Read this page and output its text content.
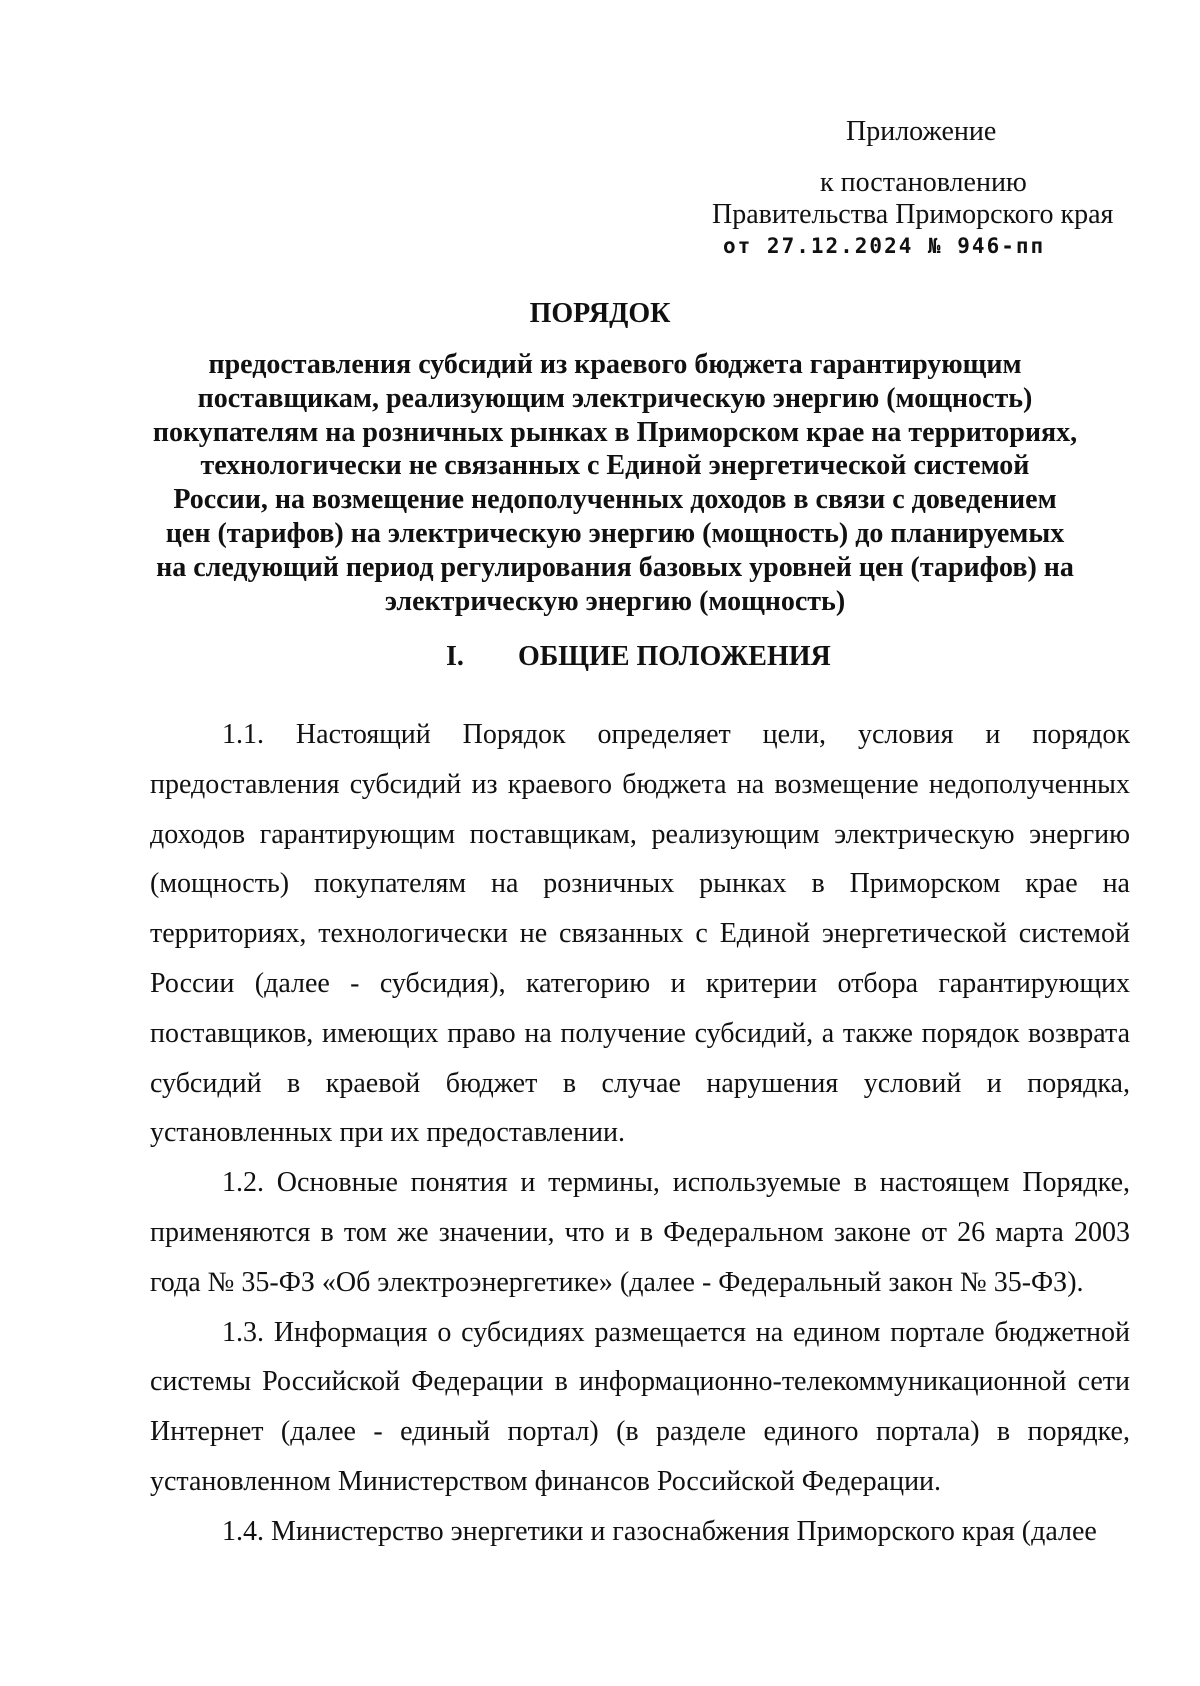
Приложение
к постановлению
Правительства Приморского края
от 27.12.2024 № 946-пп
ПОРЯДОК
предоставления субсидий из краевого бюджета гарантирующим поставщикам, реализующим электрическую энергию (мощность) покупателям на розничных рынках в Приморском крае на территориях, технологически не связанных с Единой энергетической системой России, на возмещение недополученных доходов в связи с доведением цен (тарифов) на электрическую энергию (мощность) до планируемых на следующий период регулирования базовых уровней цен (тарифов) на электрическую энергию (мощность)
I. ОБЩИЕ ПОЛОЖЕНИЯ

1.1. Настоящий Порядок определяет цели, условия и порядок предоставления субсидий из краевого бюджета на возмещение недополученных доходов гарантирующим поставщикам, реализующим электрическую энергию (мощность) покупателям на розничных рынках в Приморском крае на территориях, технологически не связанных с Единой энергетической системой России (далее - субсидия), категорию и критерии отбора гарантирующих поставщиков, имеющих право на получение субсидий, а также порядок возврата субсидий в краевой бюджет в случае нарушения условий и порядка, установленных при их предоставлении.

1.2. Основные понятия и термины, используемые в настоящем Порядке, применяются в том же значении, что и в Федеральном законе от 26 марта 2003 года № 35-ФЗ «Об электроэнергетике» (далее - Федеральный закон № 35-ФЗ).

1.3. Информация о субсидиях размещается на едином портале бюджетной системы Российской Федерации в информационно-телекоммуникационной сети Интернет (далее - единый портал) (в разделе единого портала) в порядке, установленном Министерством финансов Российской Федерации.

1.4. Министерство энергетики и газоснабжения Приморского края (далее
